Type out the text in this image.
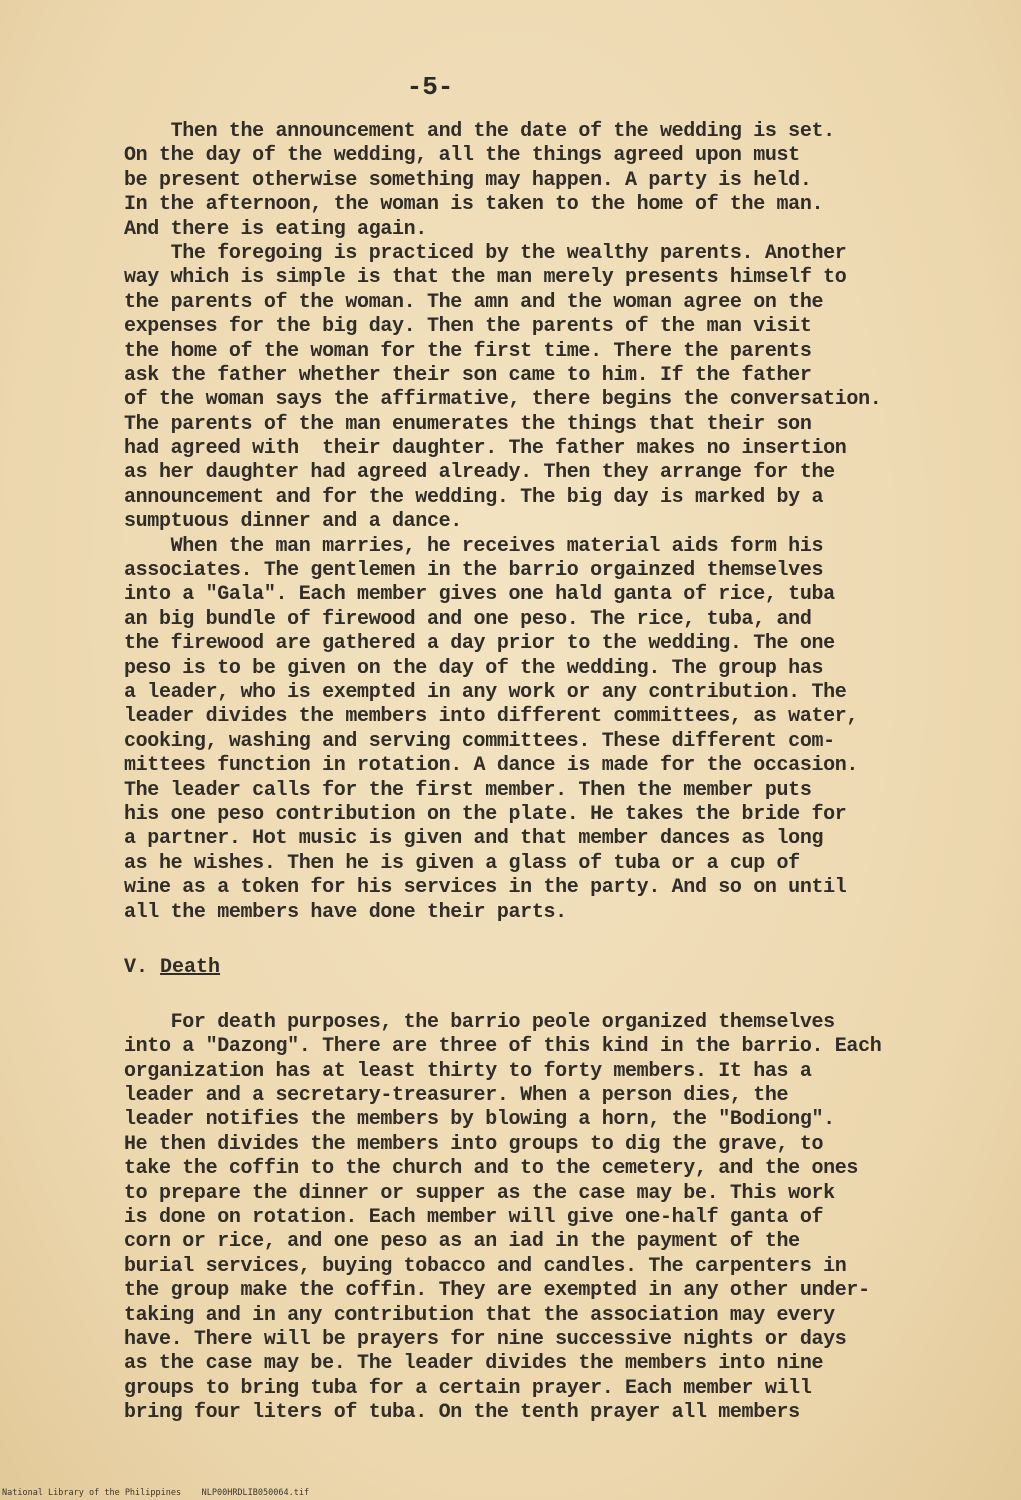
-5-
Then the announcement and the date of the wedding is set.
On the day of the wedding, all the things agreed upon must
be present otherwise something may happen. A party is held.
In the afternoon, the woman is taken to the home of the man.
And there is eating again.
The foregoing is practiced by the wealthy parents. Another
way which is simple is that the man merely presents himself to
the parents of the woman. The amn and the woman agree on the
expenses for the big day. Then the parents of the man visit
the home of the woman for the first time. There the parents
ask the father whether their son came to him. If the father
of the woman says the affirmative, there begins the conversation.
The parents of the man enumerates the things that their son
had agreed with  their daughter. The father makes no insertion
as her daughter had agreed already. Then they arrange for the
announcement and for the wedding. The big day is marked by a
sumptuous dinner and a dance.
When the man marries, he receives material aids form his
associates. The gentlemen in the barrio orgainzed themselves
into a "Gala". Each member gives one hald ganta of rice, tuba
an big bundle of firewood and one peso. The rice, tuba, and
the firewood are gathered a day prior to the wedding. The one
peso is to be given on the day of the wedding. The group has
a leader, who is exempted in any work or any contribution. The
leader divides the members into different committees, as water,
cooking, washing and serving committees. These different com-
mittees function in rotation. A dance is made for the occasion.
The leader calls for the first member. Then the member puts
his one peso contribution on the plate. He takes the bride for
a partner. Hot music is given and that member dances as long
as he wishes. Then he is given a glass of tuba or a cup of
wine as a token for his services in the party. And so on until
all the members have done their parts.
V. Death
For death purposes, the barrio peole organized themselves
into a "Dazong". There are three of this kind in the barrio. Each
organization has at least thirty to forty members. It has a
leader and a secretary-treasurer. When a person dies, the
leader notifies the members by blowing a horn, the "Bodiong".
He then divides the members into groups to dig the grave, to
take the coffin to the church and to the cemetery, and the ones
to prepare the dinner or supper as the case may be. This work
is done on rotation. Each member will give one-half ganta of
corn or rice, and one peso as an iad in the payment of the
burial services, buying tobacco and candles. The carpenters in
the group make the coffin. They are exempted in any other under-
taking and in any contribution that the association may every
have. There will be prayers for nine successive nights or days
as the case may be. The leader divides the members into nine
groups to bring tuba for a certain prayer. Each member will
bring four liters of tuba. On the tenth prayer all members
National Library of the Philippines NLP00HRDLIB050064.tif
